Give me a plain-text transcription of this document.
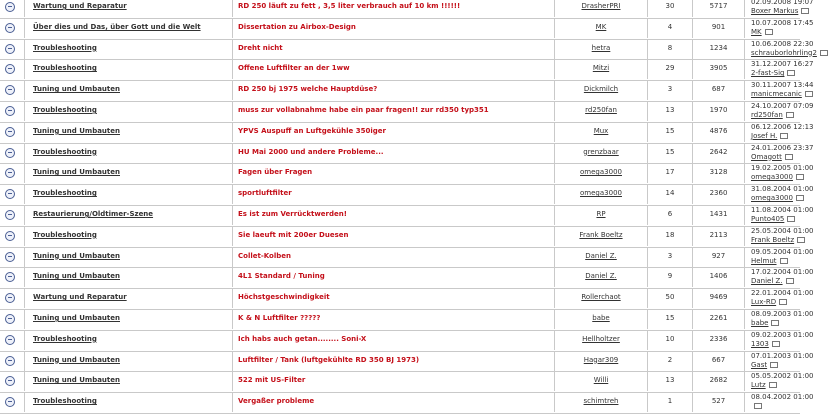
Wartung und Reparatur	RD 250 läuft zu fett , 3,5 liter verbrauch auf 10 km !!!!!!	DrasherPRI	30	5717	02.09.2008 19:07
Boxer Markus
Über dies und Das, über Gott und die Welt	Dissertation zu Airbox-Design	MK	4	901	10.07.2008 17:45
MK
Troubleshooting	Dreht nicht	hetra	8	1234	10.06.2008 22:30
schrauborlohrling2
Troubleshooting	Offene Luftfilter an der 1ww	Mitzi	29	3905	31.12.2007 16:27
2-fast-Sig
Tuning und Umbauten	RD 250 bj 1975 welche Hauptdüse?	Dickmilch	3	687	30.11.2007 13:44
manicmecanic
Troubleshooting	muss zur vollabnahme habe ein paar fragen!! zur rd350 typ351	rd250fan	13	1970	24.10.2007 07:09
rd250fan
Tuning und Umbauten	YPVS Auspuff an Luftgekühle 350iger	Mux	15	4876	06.12.2006 12:13
Josef H.
Troubleshooting	HU Mai 2000 und andere Probleme...	grenzbaar	15	2642	24.01.2006 23:37
Omagott
Tuning und Umbauten	Fagen über Fragen	omega3000	17	3128	19.02.2005 01:00
omega3000
Troubleshooting	sportluftfilter	omega3000	14	2360	31.08.2004 01:00
omega3000
Restaurierung/Oldtimer-Szene	Es ist zum Verrücktwerden!	RP	6	1431	11.08.2004 01:00
Punto405
Troubleshooting	Sie laeuft mit 200er Duesen	Frank Boeltz	18	2113	25.05.2004 01:00
Frank Boeltz
Tuning und Umbauten	Collet-Kolben	Daniel Z.	3	927	09.05.2004 01:00
Helmut
Tuning und Umbauten	4L1 Standard / Tuning	Daniel Z.	9	1406	17.02.2004 01:00
Daniel Z.
Wartung und Reparatur	Höchstgeschwindigkeit	Rollerchaot	50	9469	22.01.2004 01:00
Lux-RD
Tuning und Umbauten	K & N Luftfilter ?????	babe	15	2261	08.09.2003 01:00
babe
Troubleshooting	Ich habs auch getan........ Soni-X	Hellholtzer	10	2336	09.02.2003 01:00
1303
Tuning und Umbauten	Luftfilter / Tank (luftgekühlte RD 350 BJ 1973)	Hagar309	2	667	07.01.2003 01:00
Gast
Tuning und Umbauten	522 mit US-Filter	Willi	13	2682	05.05.2002 01:00
Lutz
Troubleshooting	Vergaßer probleme	schimtreh	1	527	08.04.2002 01:00
